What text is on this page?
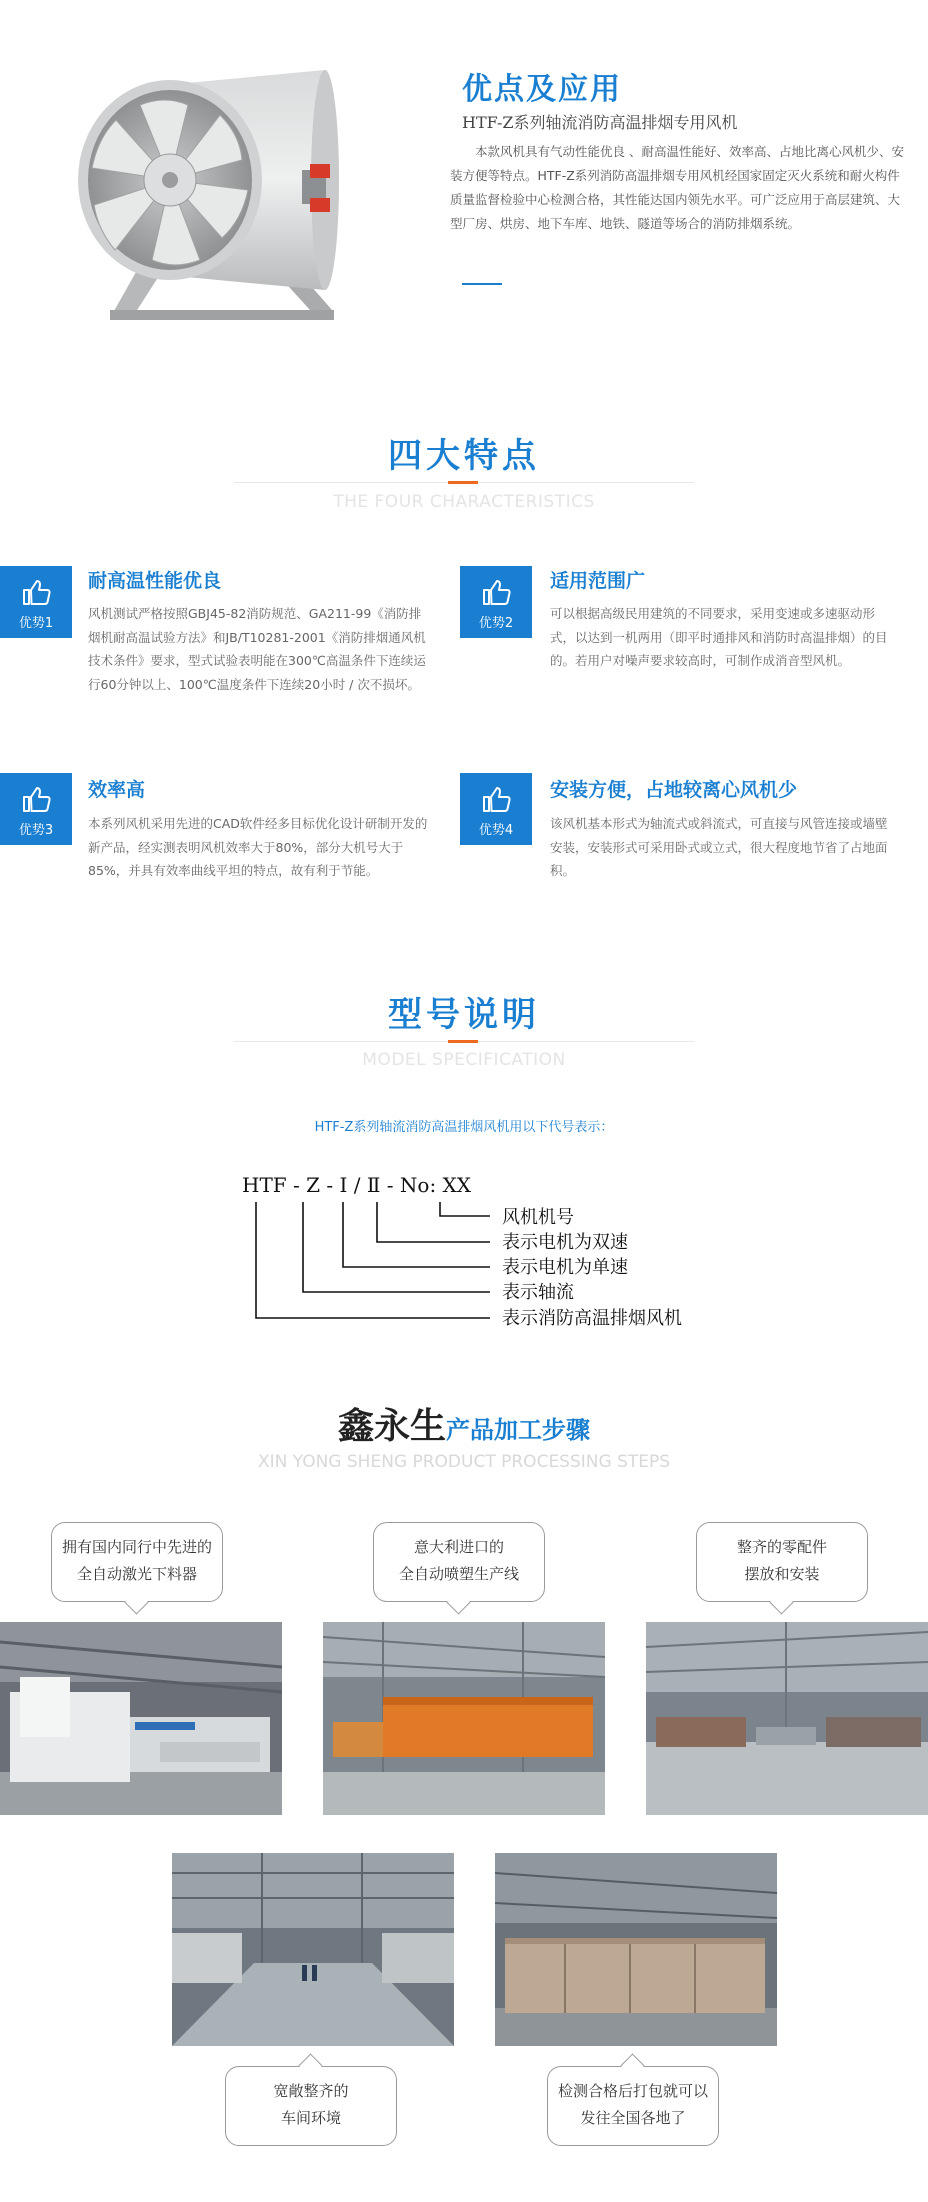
优点及应用
HTF-Z系列轴流消防高温排烟专用风机
本款风机具有气动性能优良 、耐高温性能好、效率高、占地比离心风机少、安装方便等特点。HTF-Z系列消防高温排烟专用风机经国家固定灭火系统和耐火构件质量监督检验中心检测合格，其性能达国内领先水平。可广泛应用于高层建筑、大型厂房、烘房、地下车库、地铁、隧道等场合的消防排烟系统。
四大特点
THE FOUR CHARACTERISTICS
优势1
耐高温性能优良
风机测试严格按照GBJ45-82消防规范、GA211-99《消防排烟机耐高温试验方法》和JB/T10281-2001《消防排烟通风机技术条件》要求，型式试验表明能在300℃高温条件下连续运行60分钟以上、100℃温度条件下连续20小时 / 次不损坏。
优势2
适用范围广
可以根据高级民用建筑的不同要求，采用变速或多速驱动形式，以达到一机两用（即平时通排风和消防时高温排烟）的目的。若用户对噪声要求较高时，可制作成消音型风机。
优势3
效率高
本系列风机采用先进的CAD软件经多目标优化设计研制开发的新产品，经实测表明风机效率大于80%，部分大机号大于85%，并具有效率曲线平坦的特点，故有利于节能。
优势4
安装方便，占地较离心风机少
该风机基本形式为轴流式或斜流式，可直接与风管连接或墙壁安装，安装形式可采用卧式或立式，很大程度地节省了占地面积。
型号说明
MODEL SPECIFICATION
HTF-Z系列轴流消防高温排烟风机用以下代号表示：
HTF - Z - Ⅰ / Ⅱ - No: XX
风机机号
表示电机为双速
表示电机为单速
表示轴流
表示消防高温排烟风机
鑫永生产品加工步骤
XIN YONG SHENG PRODUCT PROCESSING STEPS
拥有国内同行中先进的
全自动激光下料器
意大利进口的
全自动喷塑生产线
整齐的零配件
摆放和安装
宽敞整齐的
车间环境
检测合格后打包就可以
发往全国各地了
